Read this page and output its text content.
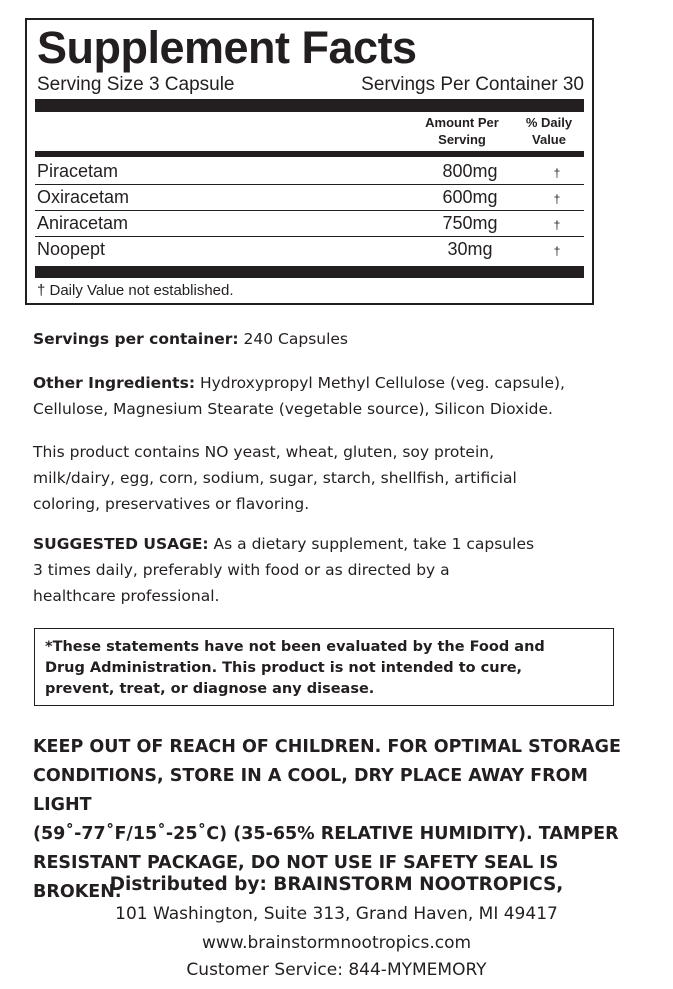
Supplement Facts
Serving Size 3 Capsule	Servings Per Container 30
Amount Per
Serving
% Daily
Value
Piracetam	800mg	†
Oxiracetam	600mg	†
Aniracetam	750mg	†
Noopept	30mg	†
† Daily Value not established.
Servings per container: 240 Capsules
Other Ingredients: Hydroxypropyl Methyl Cellulose (veg. capsule),
Cellulose, Magnesium Stearate (vegetable source), Silicon Dioxide.
This product contains NO yeast, wheat, gluten, soy protein,
milk/dairy, egg, corn, sodium, sugar, starch, shellfish, artificial
coloring, preservatives or flavoring.
SUGGESTED USAGE: As a dietary supplement, take 1 capsules
3 times daily, preferably with food or as directed by a
healthcare professional.
*These statements have not been evaluated by the Food and
Drug Administration. This product is not intended to cure,
prevent, treat, or diagnose any disease.
KEEP OUT OF REACH OF CHILDREN. FOR OPTIMAL STORAGE
CONDITIONS, STORE IN A COOL, DRY PLACE AWAY FROM LIGHT
(59˚-77˚F/15˚-25˚C) (35-65% RELATIVE HUMIDITY). TAMPER
RESISTANT PACKAGE, DO NOT USE IF SAFETY SEAL IS BROKEN.
Distributed by: BRAINSTORM NOOTROPICS,
101 Washington, Suite 313, Grand Haven, MI 49417
www.brainstormnootropics.com
Customer Service: 844-MYMEMORY
